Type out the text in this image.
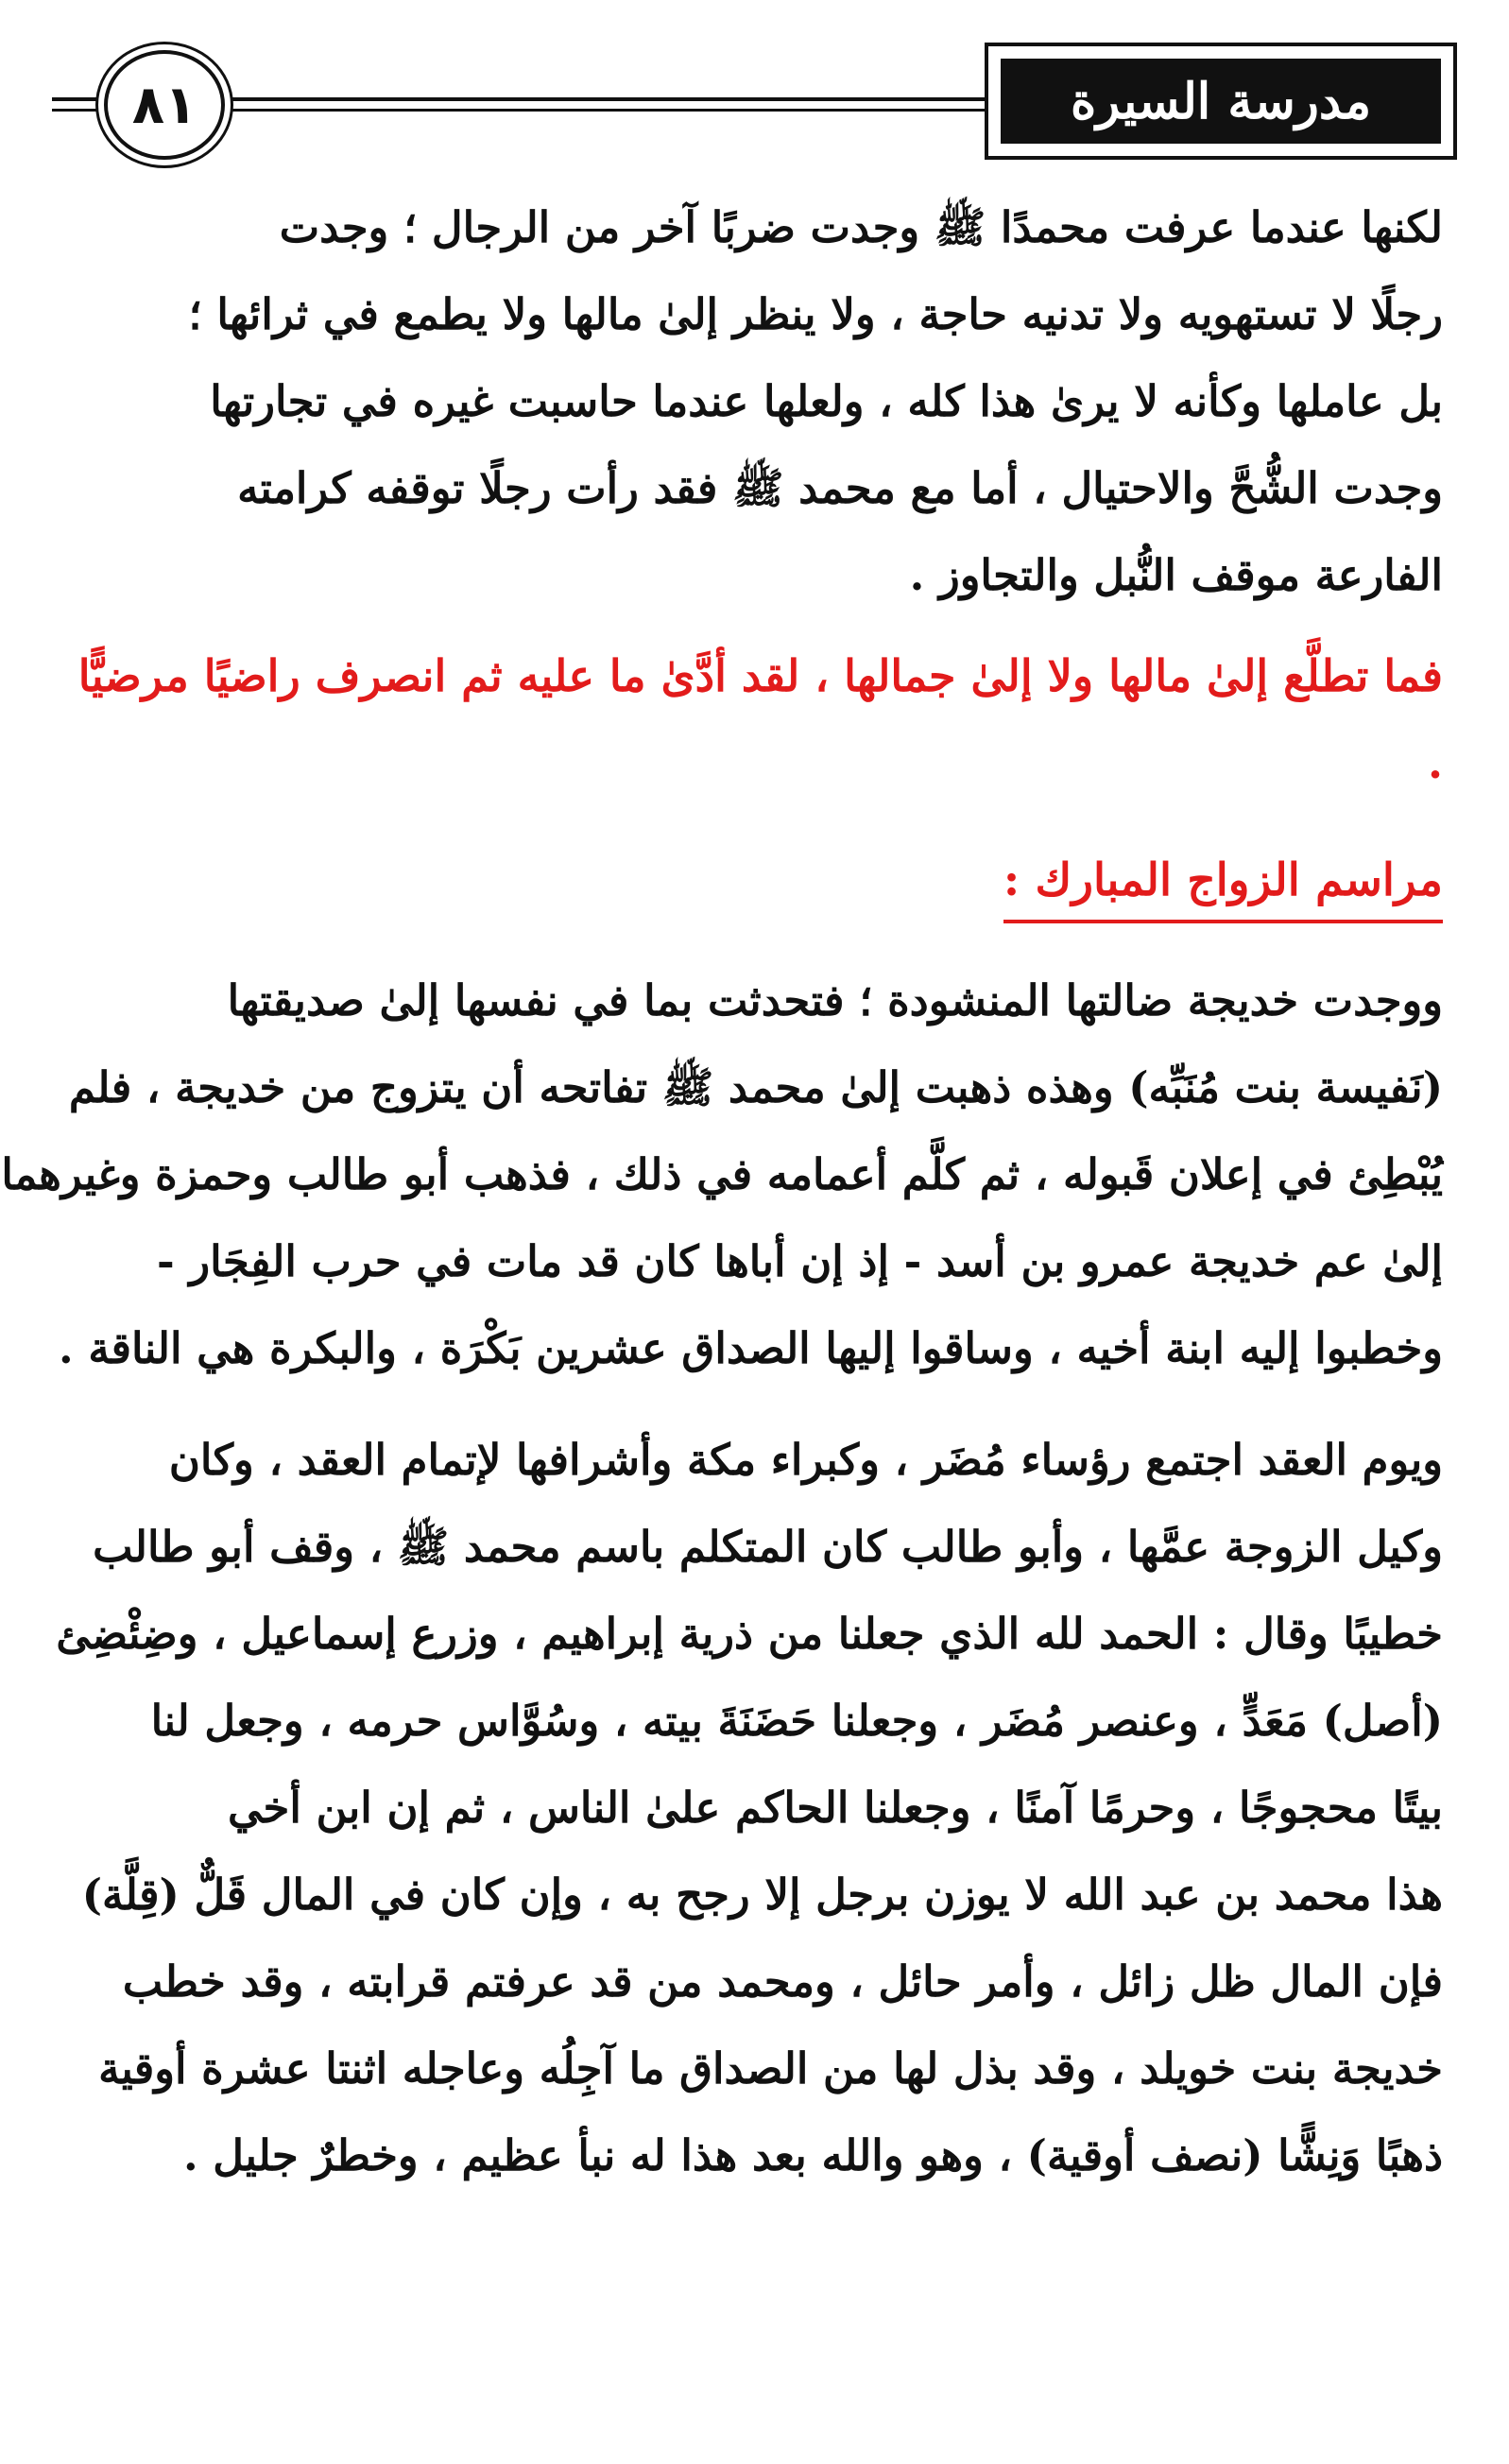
٨١	مدرسة السيرة

لكنها عندما عرفت محمدًا ﷺ وجدت ضربًا آخر من الرجال ؛ وجدت
رجلًا لا تستهويه ولا تدنيه حاجة ، ولا ينظر إلىٰ مالها ولا يطمع في ثرائها ؛
بل عاملها وكأنه لا يرىٰ هذا كله ، ولعلها عندما حاسبت غيره في تجارتها
وجدت الشُّحَّ والاحتيال ، أما مع محمد ﷺ فقد رأت رجلًا توقفه كرامته
الفارعة موقف النُّبل والتجاوز .

فما تطلَّع إلىٰ مالها ولا إلىٰ جمالها ، لقد أدَّىٰ ما عليه ثم انصرف راضيًا مرضيًّا .

مراسم الزواج المبارك :

ووجدت خديجة ضالتها المنشودة ؛ فتحدثت بما في نفسها إلىٰ صديقتها
(نَفيسة بنت مُنَبِّه) وهذه ذهبت إلىٰ محمد ﷺ تفاتحه أن يتزوج من خديجة ، فلم
يُبْطِئ في إعلان قَبوله ، ثم كلَّم أعمامه في ذلك ، فذهب أبو طالب وحمزة وغيرهما
إلىٰ عم خديجة عمرو بن أسد - إذ إن أباها كان قد مات في حرب الفِجَار -
وخطبوا إليه ابنة أخيه ، وساقوا إليها الصداق عشرين بَكْرَة ، والبكرة هي الناقة .

ويوم العقد اجتمع رؤساء مُضَر ، وكبراء مكة وأشرافها لإتمام العقد ، وكان
وكيل الزوجة عمَّها ، وأبو طالب كان المتكلم باسم محمد ﷺ ، وقف أبو طالب
خطيبًا وقال : الحمد لله الذي جعلنا من ذرية إبراهيم ، وزرع إسماعيل ، وضِئْضِئ
(أصل) مَعَدٍّ ، وعنصر مُضَر ، وجعلنا حَضَنَةَ بيته ، وسُوَّاس حرمه ، وجعل لنا
بيتًا محجوجًا ، وحرمًا آمنًا ، وجعلنا الحاكم علىٰ الناس ، ثم إن ابن أخي
هذا محمد بن عبد الله لا يوزن برجل إلا رجح به ، وإن كان في المال قَلٌّ (قِلَّة)
فإن المال ظل زائل ، وأمر حائل ، ومحمد من قد عرفتم قرابته ، وقد خطب
خديجة بنت خويلد ، وقد بذل لها من الصداق ما آجِلُه وعاجله اثنتا عشرة أوقية
ذهبًا وَنِشًّا (نصف أوقية) ، وهو والله بعد هذا له نبأ عظيم ، وخطرٌ جليل .
